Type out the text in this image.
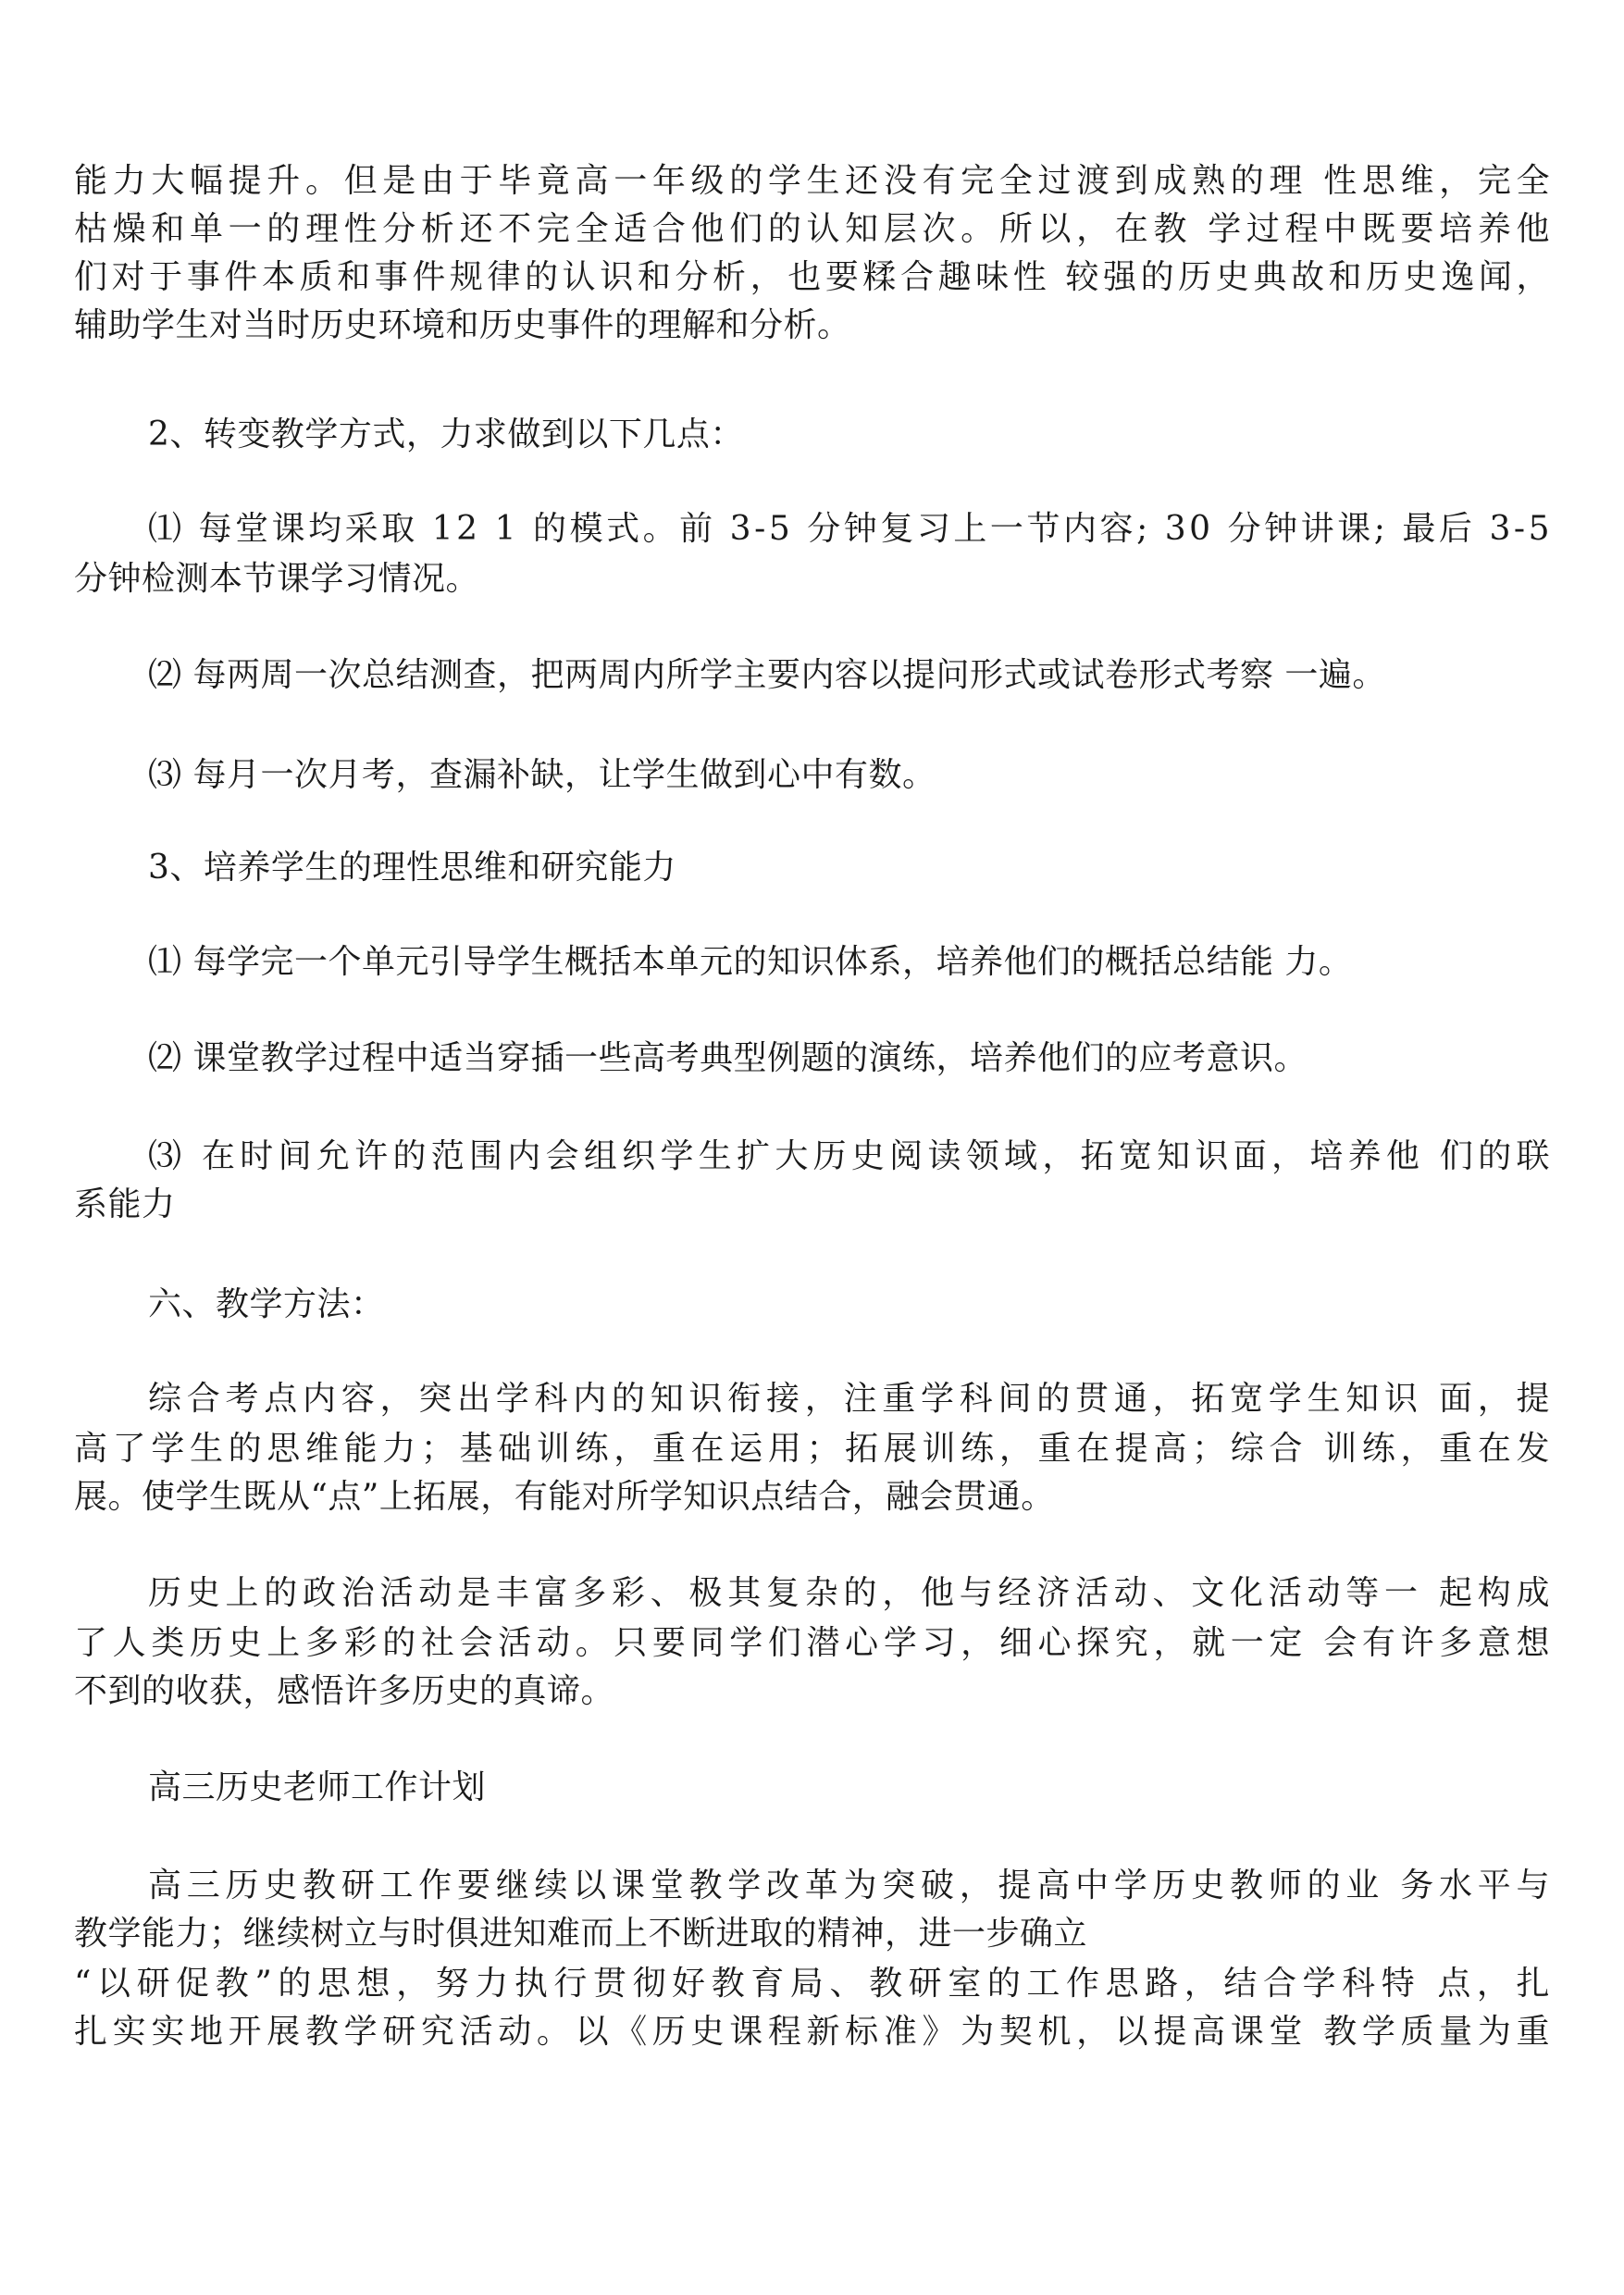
能力大幅提升。但是由于毕竟高一年级的学生还没有完全过渡到成熟的理 性思维，完全
枯燥和单一的理性分析还不完全适合他们的认知层次。所以，在教 学过程中既要培养他
们对于事件本质和事件规律的认识和分析，也要糅合趣味性 较强的历史典故和历史逸闻，
辅助学生对当时历史环境和历史事件的理解和分析。
2、转变教学方式，力求做到以下几点：
⑴ 每堂课均采取 12 1 的模式。前 3-5 分钟复习上一节内容; 30 分钟讲课; 最后 3-5
分钟检测本节课学习情况。
⑵ 每两周一次总结测查，把两周内所学主要内容以提问形式或试卷形式考察 一遍。
⑶ 每月一次月考，查漏补缺，让学生做到心中有数。
3、培养学生的理性思维和研究能力
⑴ 每学完一个单元引导学生概括本单元的知识体系，培养他们的概括总结能 力。
⑵ 课堂教学过程中适当穿插一些高考典型例题的演练，培养他们的应考意识。
⑶ 在时间允许的范围内会组织学生扩大历史阅读领域，拓宽知识面，培养他 们的联
系能力
六、教学方法：
综合考点内容，突出学科内的知识衔接，注重学科间的贯通，拓宽学生知识 面，提
高了学生的思维能力；基础训练，重在运用；拓展训练，重在提高；综合 训练，重在发
展。使学生既从“点”上拓展，有能对所学知识点结合，融会贯通。
历史上的政治活动是丰富多彩、极其复杂的，他与经济活动、文化活动等一 起构成
了人类历史上多彩的社会活动。只要同学们潜心学习，细心探究，就一定 会有许多意想
不到的收获，感悟许多历史的真谛。
高三历史老师工作计划
高三历史教研工作要继续以课堂教学改革为突破，提高中学历史教师的业 务水平与
教学能力；继续树立与时俱进知难而上不断进取的精神，进一步确立
“以研促教”的思想，努力执行贯彻好教育局、教研室的工作思路，结合学科特 点，扎
扎实实地开展教学研究活动。以《历史课程新标准》为契机，以提高课堂 教学质量为重
